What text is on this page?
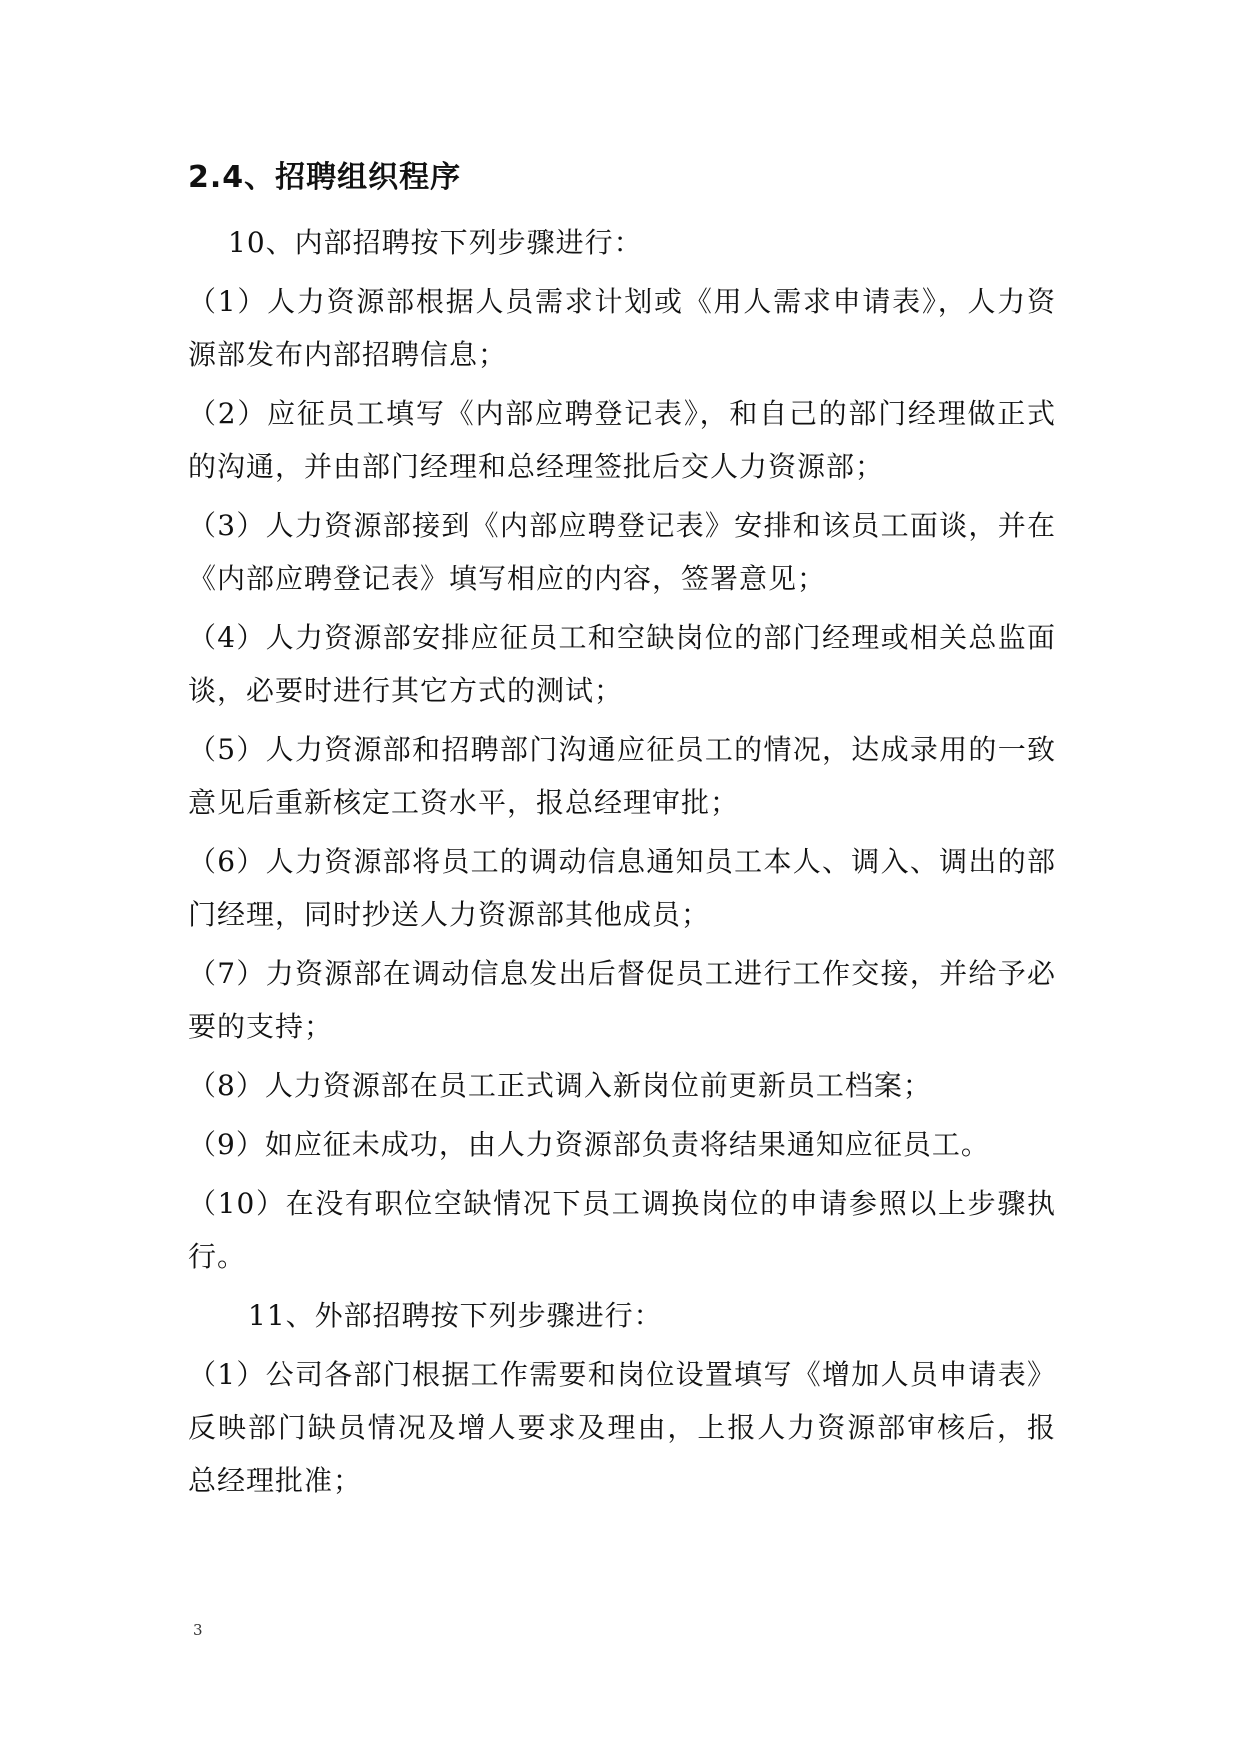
2.4、招聘组织程序

10、内部招聘按下列步骤进行：

（1）人力资源部根据人员需求计划或《用人需求申请表》，人力资源部发布内部招聘信息；

（2）应征员工填写《内部应聘登记表》，和自己的部门经理做正式的沟通，并由部门经理和总经理签批后交人力资源部；

（3）人力资源部接到《内部应聘登记表》安排和该员工面谈，并在《内部应聘登记表》填写相应的内容，签署意见；

（4）人力资源部安排应征员工和空缺岗位的部门经理或相关总监面谈，必要时进行其它方式的测试；

（5）人力资源部和招聘部门沟通应征员工的情况，达成录用的一致意见后重新核定工资水平，报总经理审批；

（6）人力资源部将员工的调动信息通知员工本人、调入、调出的部门经理，同时抄送人力资源部其他成员；

（7）力资源部在调动信息发出后督促员工进行工作交接，并给予必要的支持；

（8）人力资源部在员工正式调入新岗位前更新员工档案；

（9）如应征未成功，由人力资源部负责将结果通知应征员工。

（10）在没有职位空缺情况下员工调换岗位的申请参照以上步骤执行。

11、外部招聘按下列步骤进行：

（1）公司各部门根据工作需要和岗位设置填写《增加人员申请表》反映部门缺员情况及增人要求及理由，上报人力资源部审核后，报总经理批准；

3
